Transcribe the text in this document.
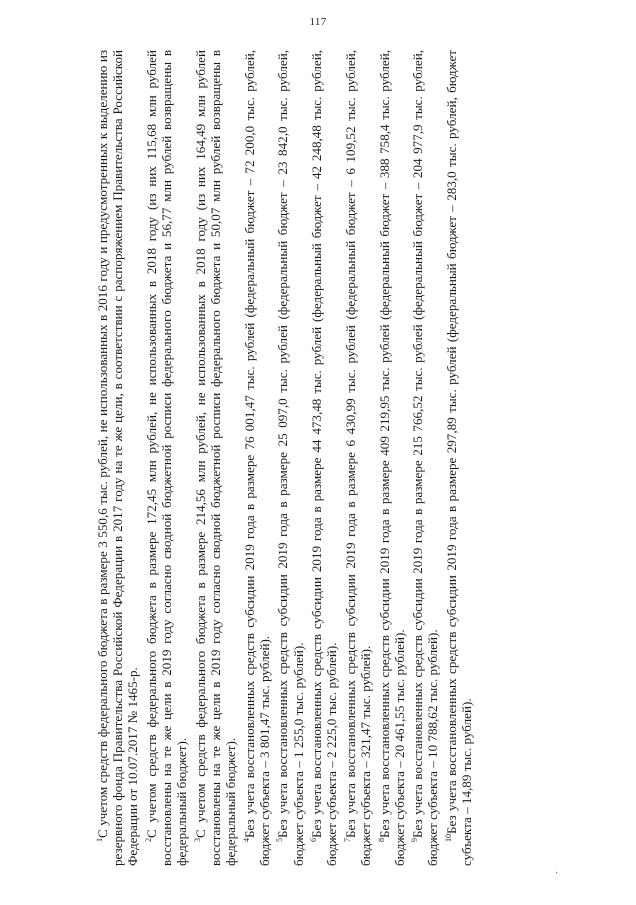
117

$^1$С учетом средств федерального бюджета в размере 3 550,6 тыс. рублей, не использованных в 2016 году и предусмотренных к выделению из резервного фонда Правительства Российской Федерации в 2017 году на те же цели, в соответствии с распоряжением Правительства Российской Федерации от 10.07.2017 № 1465-р. $^2$С учетом средств федерального бюджета в размере 172,45 млн рублей, не использованных в 2018 году (из них 115,68 млн рублей восстановлены на те же цели в 2019 году согласно сводной бюджетной росписи федерального бюджета и 56,77 млн рублей возвращены в федеральный бюджет). $^3$С учетом средств федерального бюджета в размере 214,56 млн рублей, не использованных в 2018 году (из них 164,49 млн рублей восстановлены на те же цели в 2019 году согласно сводной бюджетной росписи федерального бюджета и 50,07 млн рублей возвращены в федеральный бюджет). $^4$Без учета восстановленных средств субсидии 2019 года в размере 76 001,47 тыс. рублей (федеральный бюджет – 72 200,0 тыс. рублей, бюджет субъекта – 3 801,47 тыс. рублей). $^5$Без учета восстановленных средств субсидии 2019 года в размере 25 097,0 тыс. рублей (федеральный бюджет – 23 842,0 тыс. рублей, бюджет субъекта – 1 255,0 тыс. рублей). $^6$Без учета восстановленных средств субсидии 2019 года в размере 44 473,48 тыс. рублей (федеральный бюджет – 42 248,48 тыс. рублей, бюджет субъекта – 2 225,0 тыс. рублей). $^7$Без учета восстановленных средств субсидии 2019 года в размере 6 430,99 тыс. рублей (федеральный бюджет – 6 109,52 тыс. рублей, бюджет субъекта – 321,47 тыс. рублей). $^8$Без учета восстановленных средств субсидии 2019 года в размере 409 219,95 тыс. рублей (федеральный бюджет – 388 758,4 тыс. рублей, бюджет субъекта – 20 461,55 тыс. рублей). $^9$Без учета восстановленных средств субсидии 2019 года в размере 215 766,52 тыс. рублей (федеральный бюджет – 204 977,9 тыс. рублей, бюджет субъекта – 10 788,62 тыс. рублей). $^{10}$Без учета восстановленных средств субсидии 2019 года в размере 297,89 тыс. рублей (федеральный бюджет – 283,0 тыс. рублей, бюджет субъекта – 14,89 тыс. рублей).

·
